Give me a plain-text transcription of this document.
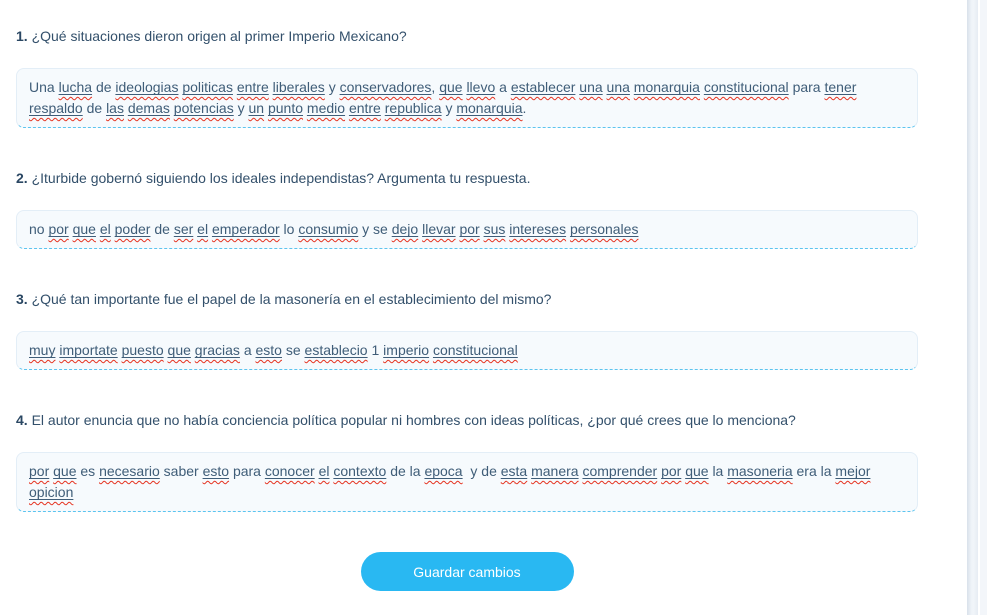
1. ¿Qué situaciones dieron origen al primer Imperio Mexicano?

Una lucha de ideologias politicas entre liberales y conservadores, que llevo a establecer una una monarquia constitucional para tener respaldo de las demas potencias y un punto medio entre republica y monarquia.

2. ¿Iturbide gobernó siguiendo los ideales independistas? Argumenta tu respuesta.

no por que el poder de ser el emperador lo consumio y se dejo llevar por sus intereses personales

3. ¿Qué tan importante fue el papel de la masonería en el establecimiento del mismo?

muy importate puesto que gracias a esto se establecio 1 imperio constitucional

4. El autor enuncia que no había conciencia política popular ni hombres con ideas políticas, ¿por qué crees que lo menciona?

por que es necesario saber esto para conocer el contexto de la epoca y de esta manera comprender por que la masoneria era la mejor opicion
Guardar cambios
